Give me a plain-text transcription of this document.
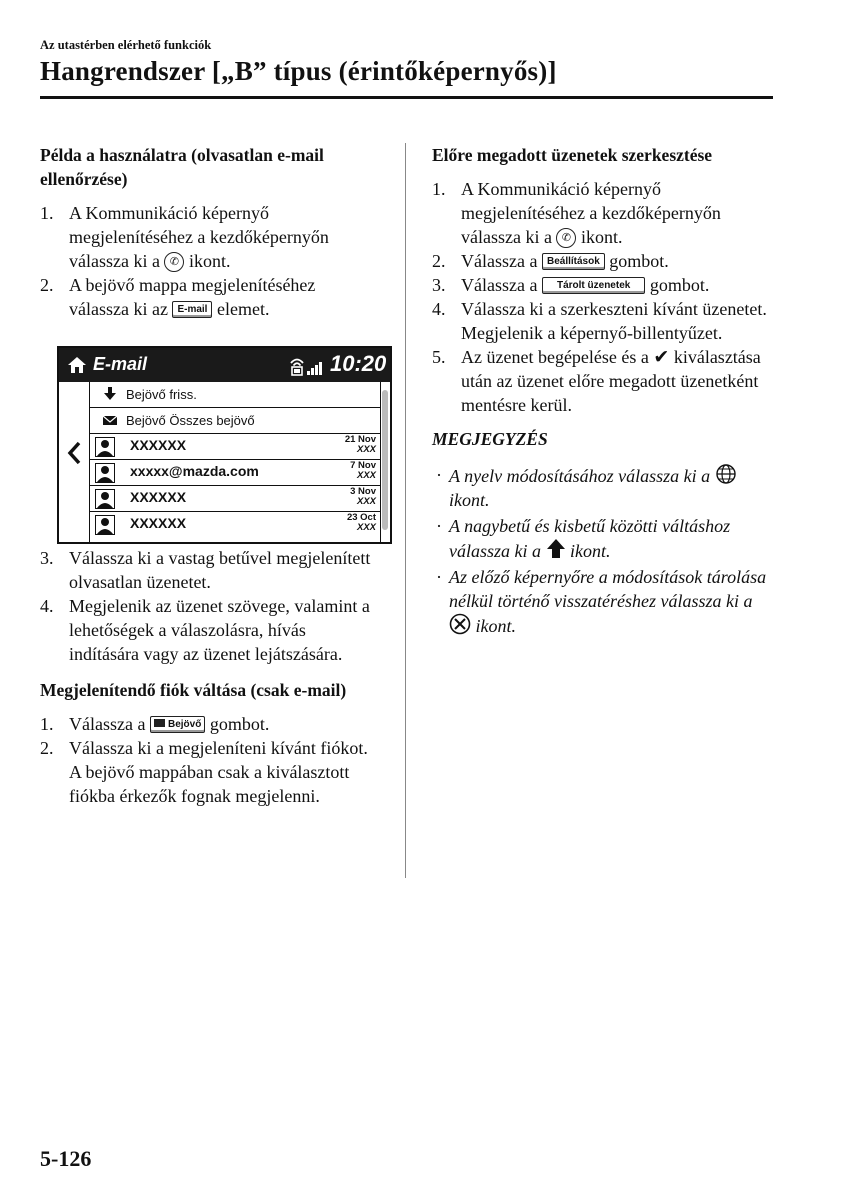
Az utastérben elérhető funkciók
Hangrendszer [„B” típus (érintőképernyős)]
Példa a használatra (olvasatlan e-mail ellenőrzése)
1. A Kommunikáció képernyő megjelenítéséhez a kezdőképernyőn válassza ki a ✆ ikont.
2. A bejövő mappa megjelenítéséhez válassza ki az E-mail elemet.
E-mail	10:20
Bejövő friss.
Bejövő Összes bejövő
XXXXXX	21 Nov
XXX
xxxxx@mazda.com	7 Nov
XXX
XXXXXX	3 Nov
XXX
XXXXXX	23 Oct
XXX
3. Válassza ki a vastag betűvel megjelenített olvasatlan üzenetet.
4. Megjelenik az üzenet szövege, valamint a lehetőségek a válaszolásra, hívás indítására vagy az üzenet lejátszására.
Megjelenítendő fiók váltása (csak e-mail)
1. Válassza a Bejövő gombot.
2. Válassza ki a megjeleníteni kívánt fiókot. A bejövő mappában csak a kiválasztott fiókba érkezők fognak megjelenni.
Előre megadott üzenetek szerkesztése
1. A Kommunikáció képernyő megjelenítéséhez a kezdőképernyőn válassza ki a ✆ ikont.
2. Válassza a Beállítások gombot.
3. Válassza a Tárolt üzenetek gombot.
4. Válassza ki a szerkeszteni kívánt üzenetet. Megjelenik a képernyő-billentyűzet.
5. Az üzenet begépelése és a ✔ kiválasztása után az üzenet előre megadott üzenetként mentésre kerül.
MEGJEGYZÉS
· A nyelv módosításához válassza ki a  ikont.
· A nagybetű és kisbetű közötti váltáshoz válassza ki a ikont.
· Az előző képernyőre a módosítások tárolása nélkül történő visszatéréshez válassza ki a  ikont.
5-126
